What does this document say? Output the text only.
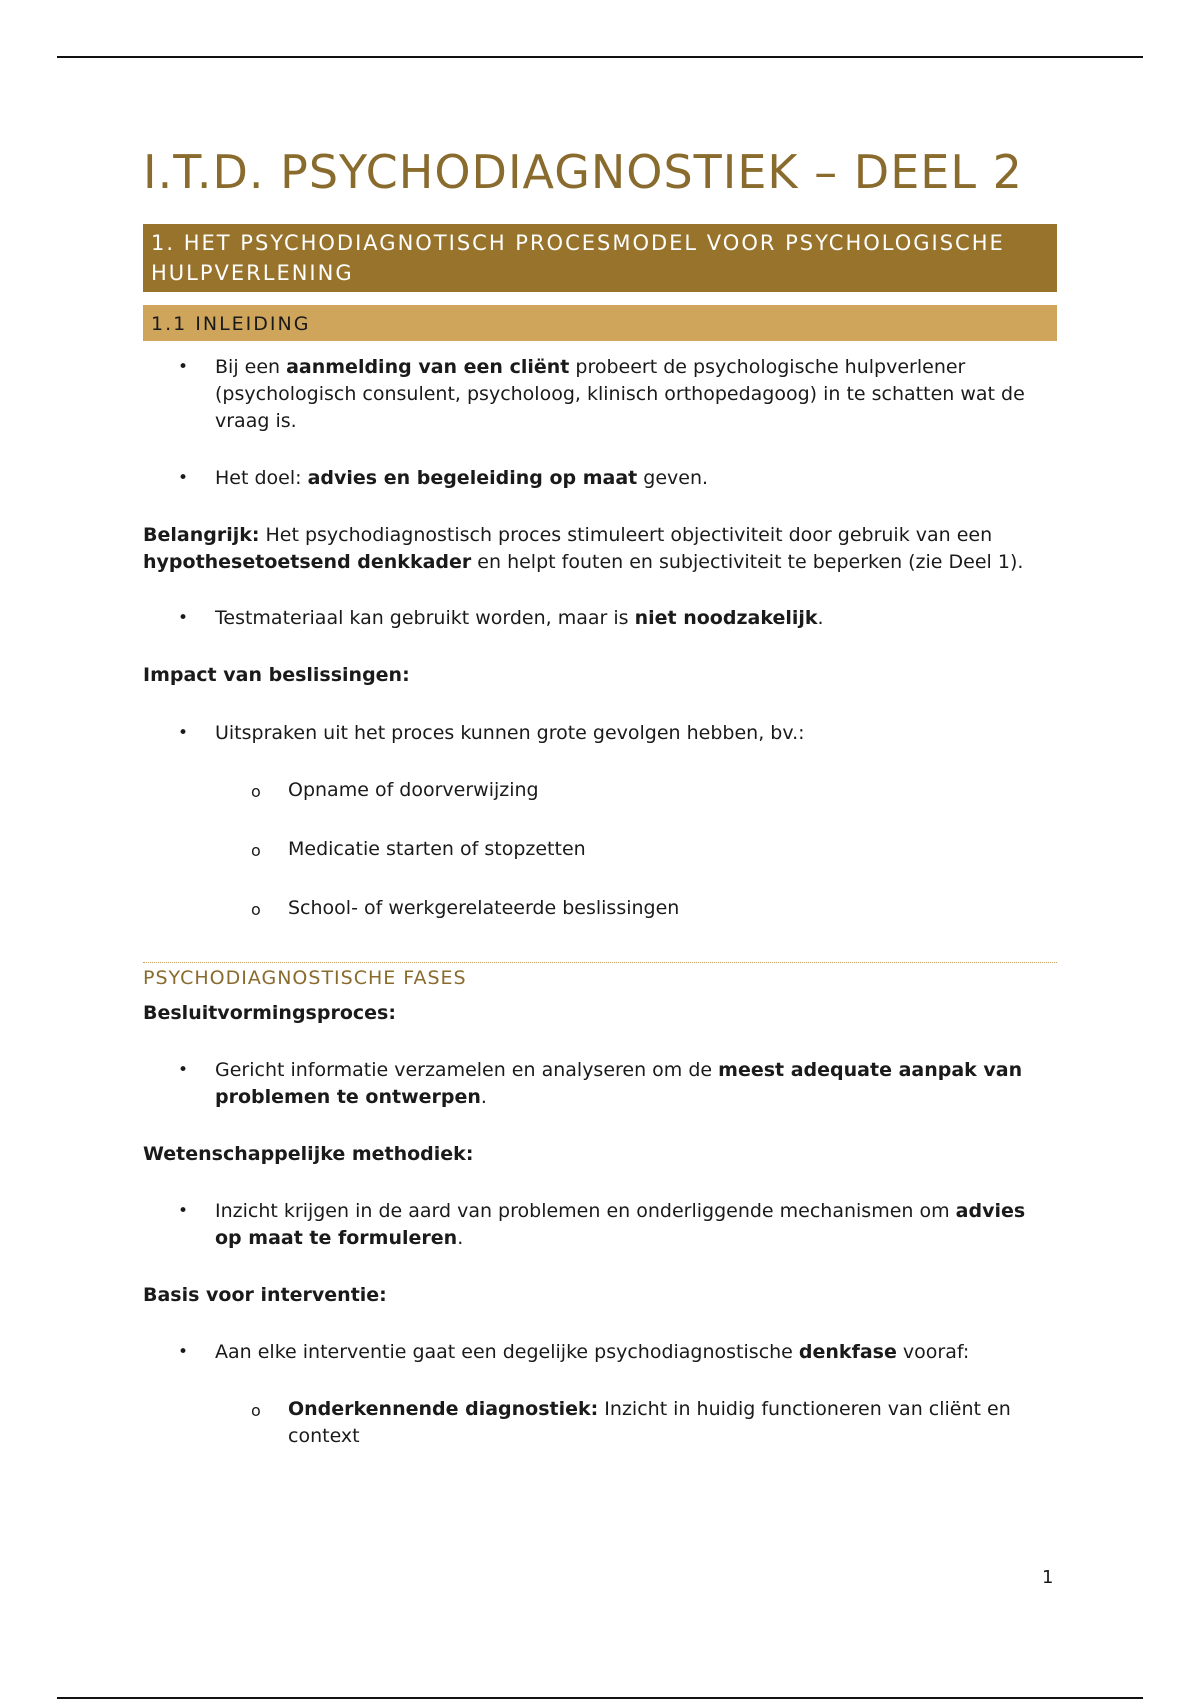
I.T.D. PSYCHODIAGNOSTIEK – DEEL 2
1. HET PSYCHODIAGNOTISCH PROCESMODEL VOOR PSYCHOLOGISCHE HULPVERLENING
1.1 INLEIDING
• Bij een aanmelding van een cliënt probeert de psychologische hulpverlener (psychologisch consulent, psycholoog, klinisch orthopedagoog) in te schatten wat de vraag is.
• Het doel: advies en begeleiding op maat geven.

Belangrijk: Het psychodiagnostisch proces stimuleert objectiviteit door gebruik van een hypothesetoetsend denkkader en helpt fouten en subjectiviteit te beperken (zie Deel 1).

• Testmateriaal kan gebruikt worden, maar is niet noodzakelijk.

Impact van beslissingen:

• Uitspraken uit het proces kunnen grote gevolgen hebben, bv.:
o Opname of doorverwijzing
o Medicatie starten of stopzetten
o School- of werkgerelateerde beslissingen
PSYCHODIAGNOSTISCHE FASES

Besluitvormingsproces:

• Gericht informatie verzamelen en analyseren om de meest adequate aanpak van problemen te ontwerpen.

Wetenschappelijke methodiek:

• Inzicht krijgen in de aard van problemen en onderliggende mechanismen om advies op maat te formuleren.

Basis voor interventie:

• Aan elke interventie gaat een degelijke psychodiagnostische denkfase vooraf:
o Onderkennende diagnostiek: Inzicht in huidig functioneren van cliënt en context
1
